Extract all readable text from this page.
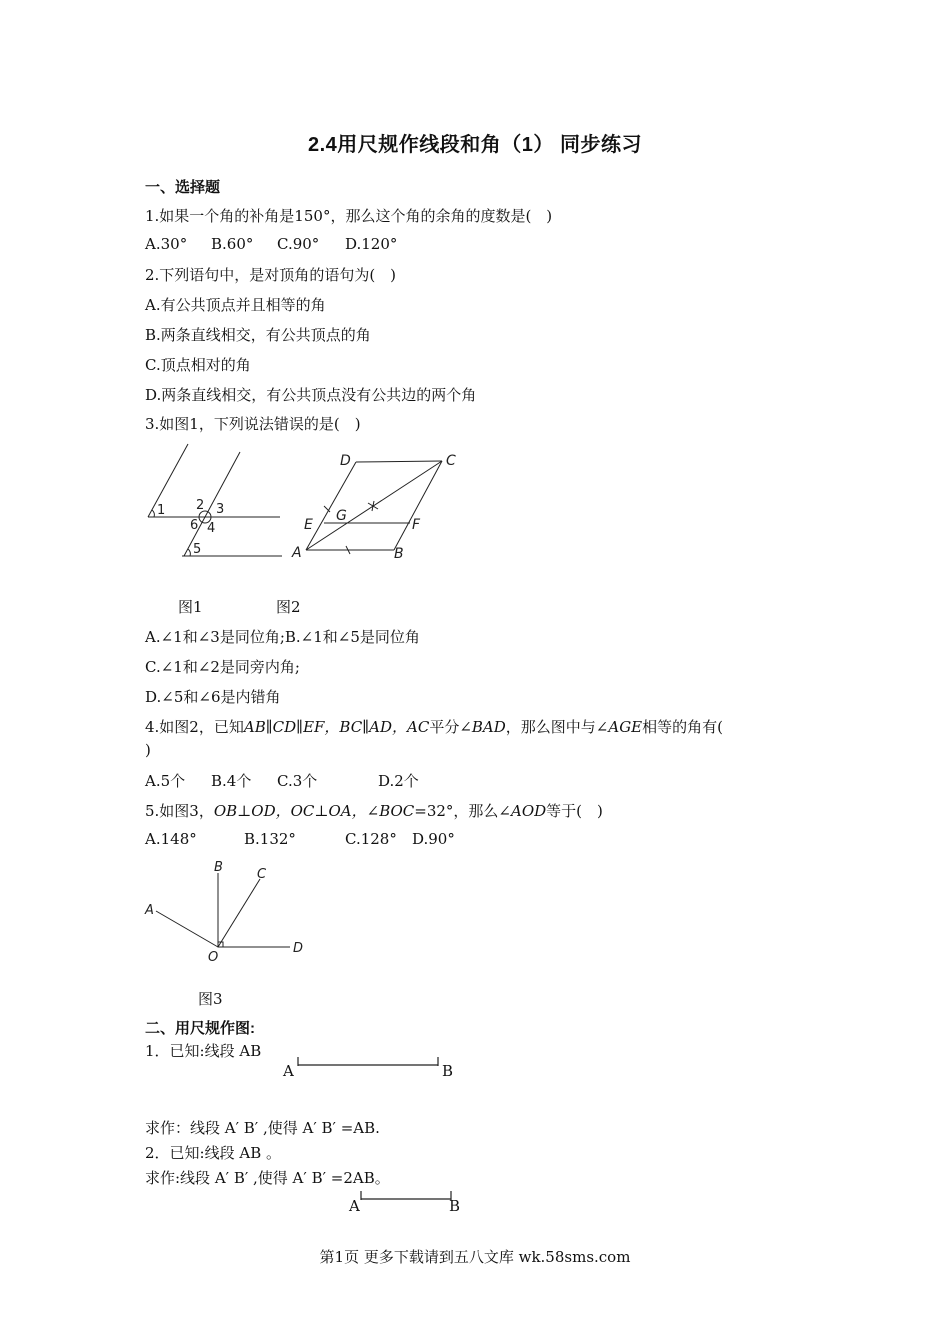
2.4用尺规作线段和角（1） 同步练习
一、选择题
1.如果一个角的补角是150°，那么这个角的余角的度数是(　)
A.30° B.60° C.90° D.120°
2.下列语句中，是对顶角的语句为(　)
A.有公共顶点并且相等的角
B.两条直线相交，有公共顶点的角
C.顶点相对的角
D.两条直线相交，有公共顶点没有公共边的两个角
3.如图1，下列说法错误的是(　)
1 2 3
4
5
6
D	C
E
G
F
A	B
图1	图2
A.∠1和∠3是同位角;B.∠1和∠5是同位角
C.∠1和∠2是同旁内角;
D.∠5和∠6是内错角
4.如图2，已知AB∥CD∥EF，BC∥AD，AC平分∠BAD，那么图中与∠AGE相等的角有(
)
A.5个 B.4个 C.3个	D.2个
5.如图3，OB⊥OD，OC⊥OA，∠BOC=32°，那么∠AOD等于(　)
A.148°	B.132°	C.128° D.90°
B	C
A
O
D
图3
二、用尺规作图:
1．已知:线段 AB
A	B
求作：线段 A′ B′ ,使得 A′ B′ =AB.
2．已知:线段 AB 。
求作:线段 A′ B′ ,使得 A′ B′ =2AB。
A	B
第1页 更多下载请到五八文库 wk.58sms.com
